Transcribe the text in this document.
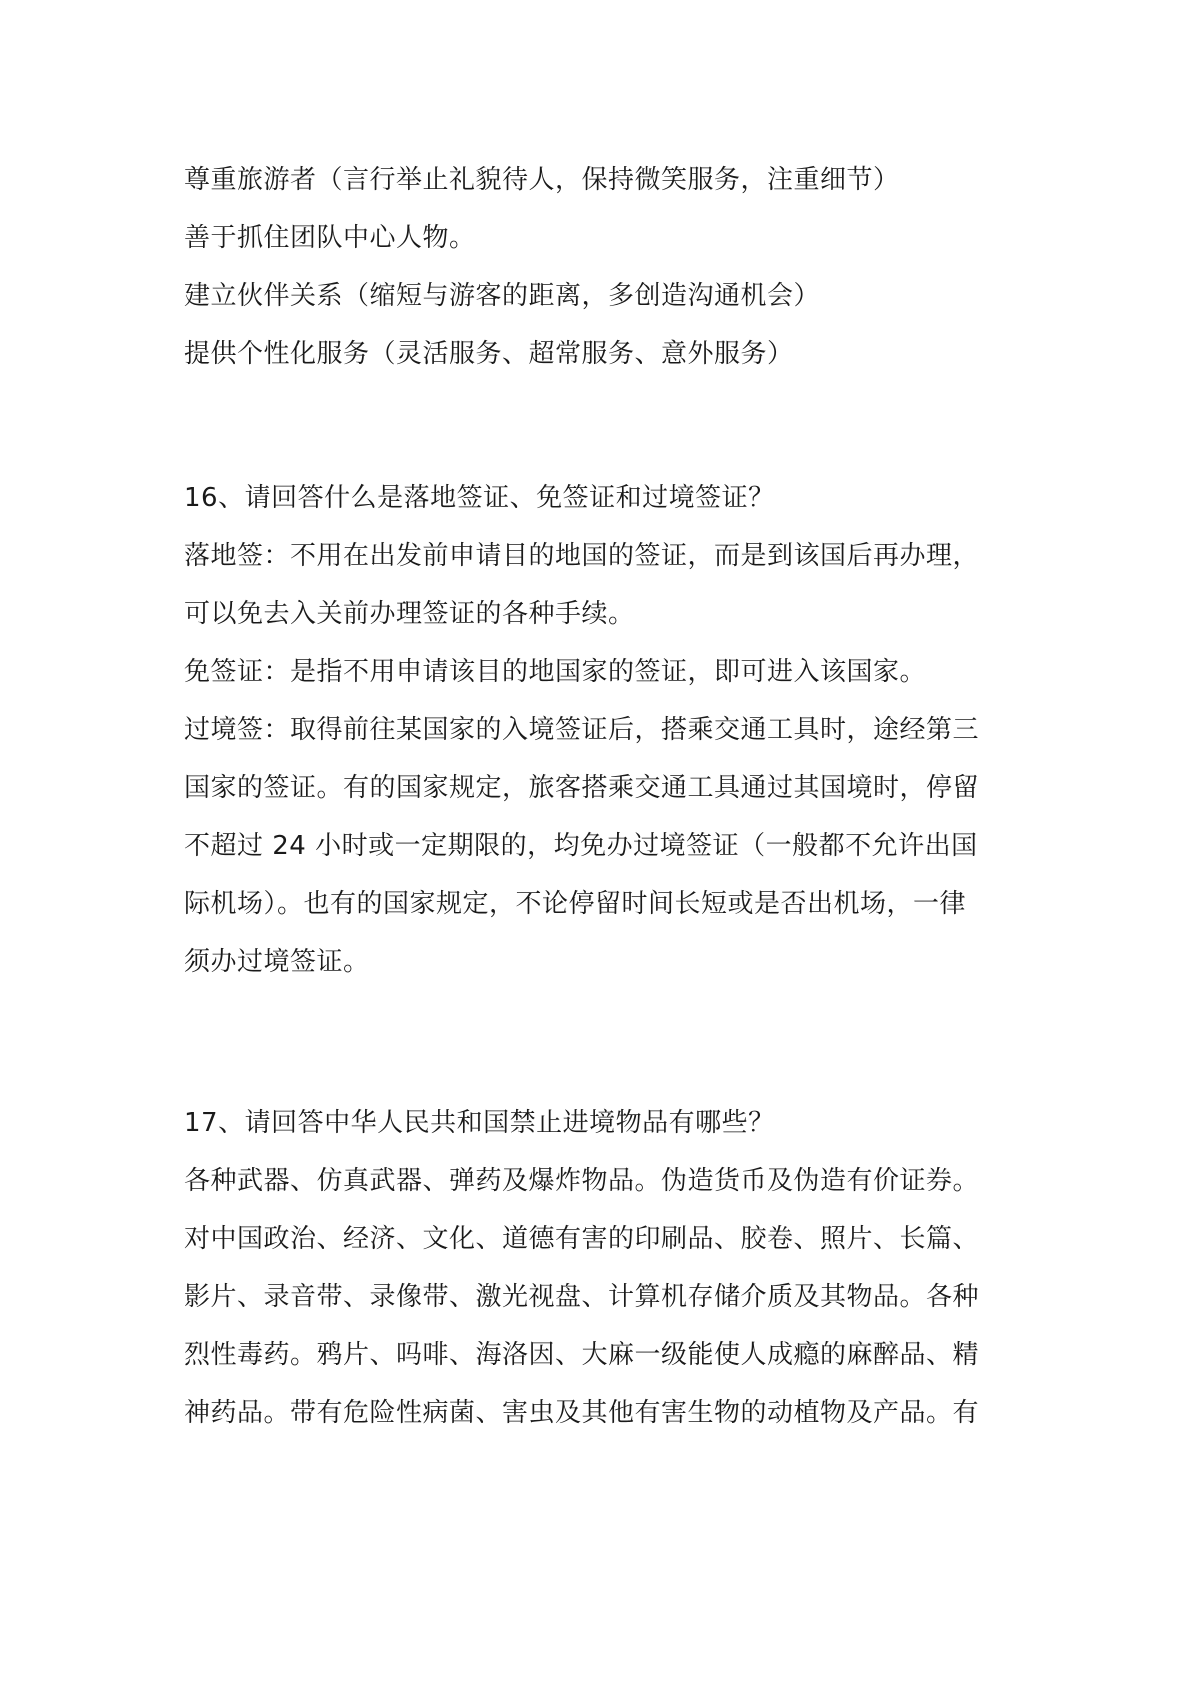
尊重旅游者（言行举止礼貌待人，保持微笑服务，注重细节）
善于抓住团队中心人物。
建立伙伴关系（缩短与游客的距离，多创造沟通机会）
提供个性化服务（灵活服务、超常服务、意外服务）
16、请回答什么是落地签证、免签证和过境签证？
落地签：不用在出发前申请目的地国的签证，而是到该国后再办理，
可以免去入关前办理签证的各种手续。
免签证：是指不用申请该目的地国家的签证，即可进入该国家。
过境签：取得前往某国家的入境签证后，搭乘交通工具时，途经第三
国家的签证。有的国家规定，旅客搭乘交通工具通过其国境时，停留
不超过 24 小时或一定期限的，均免办过境签证（一般都不允许出国
际机场）。也有的国家规定，不论停留时间长短或是否出机场，一律
须办过境签证。
17、请回答中华人民共和国禁止进境物品有哪些？
各种武器、仿真武器、弹药及爆炸物品。伪造货币及伪造有价证券。
对中国政治、经济、文化、道德有害的印刷品、胶卷、照片、长篇、
影片、录音带、录像带、激光视盘、计算机存储介质及其物品。各种
烈性毒药。鸦片、吗啡、海洛因、大麻一级能使人成瘾的麻醉品、精
神药品。带有危险性病菌、害虫及其他有害生物的动植物及产品。有
